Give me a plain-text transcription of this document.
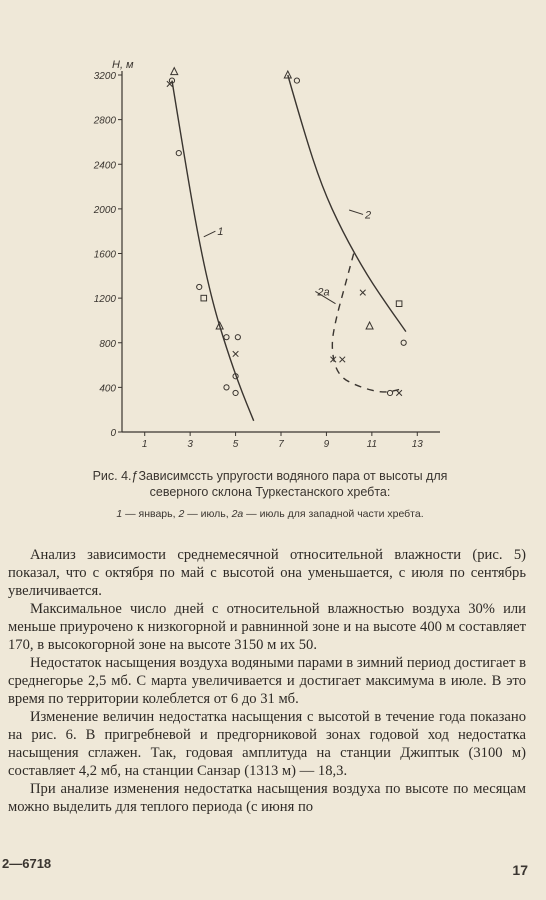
Н, м
0
400
800
1200
1600
2000
2400
2800
3200
1	3	5	7	9	11	13
1
2
2a
Рис. 4.ƒЗависимсcть упругости водяного пара от высоты для северного склона Туркестанского хребта:
1 — январь, 2 — июль, 2а — июль для западной части хребта.

Анализ зависимости среднемесячной относительной влажности (рис. 5) показал, что с октября по май с высотой она уменьшается, с июля по сентябрь увеличивается.

Максимальное число дней с относительной влажностью воздуха 30% или меньше приурочено к низкогорной и равнинной зоне и на высоте 400 м составляет 170, в высокогорной зоне на высоте 3150 м их 50.

Недостаток насыщения воздуха водяными парами в зимний период достигает в среднегорье 2,5 мб. С марта увеличивается и достигает максимума в июле. В это время по территории колеблется от 6 до 31 мб.

Изменение величин недостатка насыщения с высотой в течение года показано на рис. 6. В пригребневой и предгорниковой зонах годовой ход недостатка насыщения сглажен. Так, годовая амплитуда на станции Джиптык (3100 м) составляет 4,2 мб, на станции Санзар (1313 м) — 18,3.

При анализе изменения недостатка насыщения воздуха по высоте по месяцам можно выделить для теплого периода (с июня по

2—6718	17
